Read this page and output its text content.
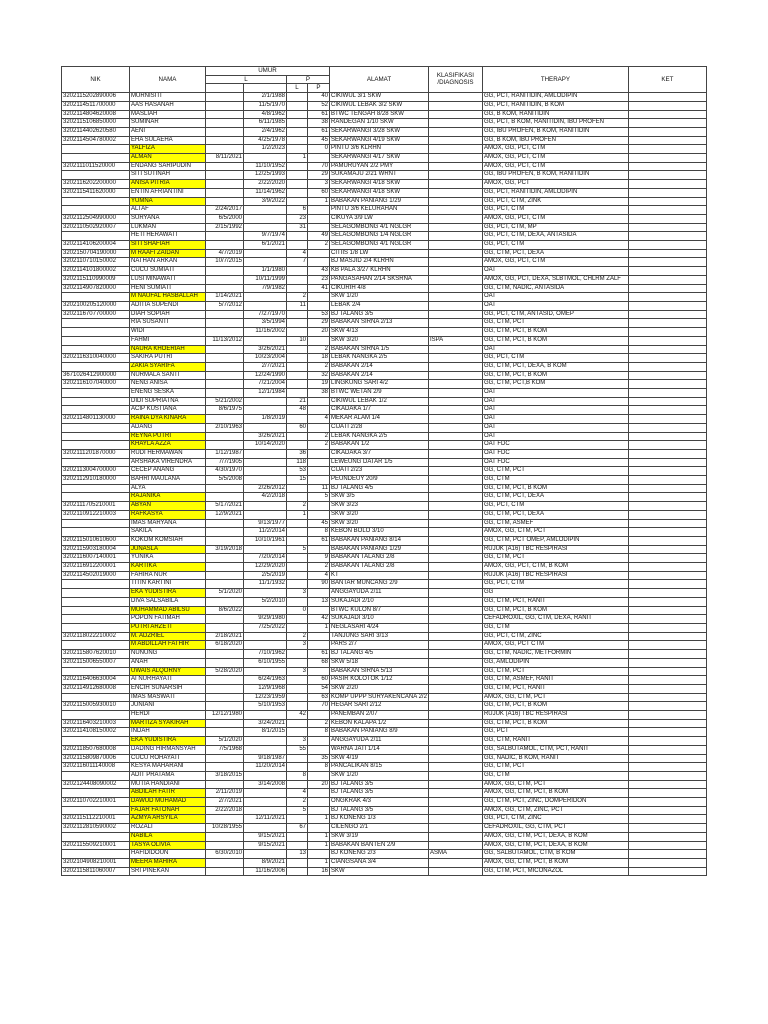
NIK	NAMA	UMUR				ALAMAT	KLASIFIKASI /DIAGNOSIS	THERAPY	KET
		L		P					
				L	P				
3202115202890006	MURNISITI		2/1/1988		40	CIKIWUL 3/1 SKW		GG, PCT, RANITIDIN, AMLODIPIN	
3202114511700000	AAS HASANAH		11/5/1970		52	CIKIWUL LEBAK 3/2 SKW		GG, PCT, RANITIDIN, B KOM	
3202114804620008	MASLIAH		4/8/1962		61	BTWC TENGAH 8/28 SKW		GG, B KOM, RANITIDIN	
3202115106850000	SUMINAR		6/11/1985		38	RANDEGAN 1/10 SKW		GG, PCT, B KOM, RANITIDIN, IBU PROFEN	
3202114402620580	AENI		2/4/1962		61	SEKARWANGI 3/28 SKW		GG, IBU PROFEN, B KOM, RANITIDIN	
3202114504780002	EHA SULAEHA		4/25/1978		45	SEKARWANGI 4/19 SKW		GG, B KOM, IBU PROFEN	
	YALFIZA		1/2/2023		0	PINTU 3/6 KLRHN		AMOX, GG, PCT, CTM	
	ALMAN	8/11/2021		1		SEKARWANGI 4/17 SKW		AMOX, GG, PCT, CTM	
3202111011520000	ENDANG SARIPUDIN		11/10/1952		70	PAMURUYAN 2/2 PMY		AMOX, GG, PCT, CTM	
	SITI SUTINAH		12/25/1993		29	SUKAMAJU 2/21 WRNT		GG, IBU PROFEN, B KOM, RANITIDIN	
3202116202200000	ANISA PITRIA		2/22/2020		3	SEKARWANGI 4/18 SKW		AMOX, GG, PCT	
3202115411620000	ENTIN AFRIANTINI		11/14/1962		60	SEKARWANGI 4/18 SKW		GG, PCT, RANITIDIN, AMLODIPIN	
	YUMNA		3/9/2022		1	BABAKAN PANIANG 1/29		GG, PCT, CTM, ZINK	
	ALTAF	2/24/2017		6		PINTU 3/6 KELURAHAN		GG, PCT, CTM	
3202112504990000	SURYANA	6/5/2000		23		CIKUYA 3/9 LW		AMOX, GG, PCT, CTM	
3202110502920007	LUKMAN	2/15/1992		31		SELAGOMBONG 4/1 NGLGR		GG, PCT, CTM, MP	
	HETI HERAWATI		9/7/1974		49	SELAGOMBONG 1/4 NGLGR		GG, PCT, CTM, DEXA, ANTASIDA	
3202114106200004	SITI SHAFIAH		6/1/2021		2	SELAGOMBONG 4/1 NGLGR		GG, PCT, CTM	
3202150704190000	M RAAFI ZAIDAN	4/7/2019		4		CITIIS 1/8 LW		GG, CTM, PCT, DEXA	
3202110710150002	NATHAN ARKAN	10/7/2015		7		BJ MASJID 2/4 KLRHN		AMOX, GG, PCT, CTM	
3202114101800002	CUCU SUMIATI		1/1/1980		43	KB PALA 3/27 KLRHN		OAT	
3202115110990009	LUSI MINAWATI		10/11/1999		23	PANGASAHAN 2/14 SKSRNA		AMOX, GG, PCT, DEXA, SLBTMOL, CHLRM ZALF	
3202114907820000	HENI SUMIATI		7/9/1982		41	CIKURIH 4/8		GG, CTM, NADIC, ANTASIDA	
	M NAUFAL HASBALLAH	1/14/2021		2		SKW 1/20		OAT	
3202100205120000	ADITIA SUPENDI	5/7/2012		11		LEBAK 2/4		OAT	
3202116707700000	DIAH SOPIAH		7/27/1970		53	BJ TALANG 3/5		GG, PCT, CTM, ANTASID, OMEP	
	RIA SUSANTI		3/5/1994		29	BABAKAN SIRNA 2/13		GG, CTM, PCT	
	WIDI		11/16/2002		20	SKW 4/13		GG, CTM, PCT, B KOM	
	FAHMI	11/13/2012		10		SKW 3/20	ISPA	GG, CTM, PCT, B KOM	
	NAURA KHOERIAH		3/26/2021		2	BABAKAN SIRNA 1/5		OAT	
3202116310040000	SAKIRA PUTRI		10/23/2004		18	LEBAK NANGKA 2/5		GG, PCT, CTM	
	ZAKIA SYARIFA		2/7/2021		2	BABAKAN 2/14		GG, CTM, PCT, DEXA, B KOM	
3671026412900000	NURMALA SANTI		12/24/1990		32	BABAKAN 2/14		GG, CTM, PCT, B KOM	
3202116107040000	NENG ANISA		7/21/2004		19	LINGKUNG SARI 4/2		GG, CTM, PCT,B KOM	
	ENENG SESKA		12/1/1984		38	BTWC WETAN 2/9		OAT	
	DIDI SUPRIATNA	5/21/2002		21		CIKIWUL LEBAK 1/2		OAT	
	ACIP KUSTIANA	8/6/1975		48		CIKADAKA 1/7		OAT	
3202114801130000	RAINA DYA KINARA		1/8/2019		4	MEKAR ALAM 1/4		OAT	
	ADANG	2/10/1963		60		CIJATI 2/28		OAT	
	REYNA PUTRI		3/26/2021		2	LEBAK NANGKA 2/5		OAT	
	KHAYLA AZZA		10/14/2020		2	BABAKAN 1/2		OAT FDC	
3202111201870000	RUDI HERMAWAN	1/12/1987		36		CIKADAKA 3/7		OAT FDC	
	ARSHAKA VIRENDRA	7/7/1905		118		LEWEUNG DATAR 1/5		OAT FDC	
3202113004700000	CECEP ANANG	4/30/1970		53		CIJATI 2/23		GG, CTM, PCT	
3202112910180000	BAHRI MAULANA	5/5/2008		15		PEUNDEUY 20/9		GG, CTM	
	ALYA		2/26/2012		11	BJ TALANG 4/5		GG, CTM, PCT, B KOM	
	RAJANIKA		4/2/2018		5	SKW 3/5		GG, CTM, PCT, DEXA	
3202111705210001	ABYAN	5/17/2021		2		SKW 3/23		GG, PCT, CTM	
3202110912210003	RAFKASYA	12/9/2021		1		SKW 3/20		GG, CTM, PCT, DEXA	
	IMAS MARYANA		9/13/1977		45	SKW 3/20		GG, CTM, ASMEF	
	SAKILA		11/2/2014		8	KEBON BOLO 3/10		AMOX, GG, CTM, PCT	
3202115010610600	KOKOM KOMSIAH		10/10/1961		61	BABAKAN PANIANG 8/14		GG, CTM, PCT OMEP, AMLODIPIN	
3202115903180004	JUNASLA	3/19/2018		5		BABAKAN PANIANG 1/29		RUJUK (A16) TBC RESPIRASI	
3202116007140001	YUNIKA		7/20/2014		9	BABAKAN TALANG 2/8		GG, CTM, PCT	
3202116912200001	KARTIKA		12/29/2020		2	BABAKAN TALANG 2/8		AMOX, GG, PCT, CTM, B KOM	
3202114502019000	FAHIRA NUR		2/5/2019		4	KT		RUJUK (A16) TBC RESPIRASI	
	TITIN KARTINI		11/1/1932		90	BANTAR MUNCANG 2/9		GG, PCT, CTM	
	EKA YUDISTIRA	5/1/2020		3		ANGGAYUDA 2/11		GG	
	DIVA SALSABILA		5/2/2010		13	SUKAJADI 2/10		GG, CTM, PCT, RANIT	
	MUHAMMAD ABILSU	8/6/2022		0		BTWC KULON 8/7		GG, CTM, PCT, B KOM	
	POPON FATIMAH		9/29/1980		42	SUKAJADI 3/10		CEFADROXIL, GG, CTM, DEXA, RANIT	
	PUTRI ARZETI		7/25/2022		1	NEGLASARI 4/24		GG, CTM	
3202118022210002	M. ADZRIEL	2/18/2021		2		TANJUNG SARI 3/13		GG, PCT, CTM, ZINC	
	M ABDILLAH FATHIR	6/18/2020		3		PARS 2/7		AMOX, GG, PCT CTM	
3202115807620010	NUNUNG		7/10/1962		61	BJ TALANG 4/5		GG, CTM, NADIC, METFORMIN	
3202115006550007	ANAH		6/10/1955		68	SKW 5/18		GG, AMLODIPIN	
	UWAIS ALQORNY	5/28/2020		3		BABAKAN SIRNA 5/13		GG, CTM, PCT	
3202116406630004	AI NURHAYATI		6/24/1963		60	PASIR KOLOTOK 1/12		GG, CTM, ASMEF, RANIT	
3202114912680008	ENCIH SUNARSIH		12/9/1968		54	SKW 2/20		GG, CTM, PCT, RANIT	
	IMAS MASWATI		12/23/1959		63	KOMP UPPP SURYAKENCANA 2/2		AMOX, GG, CTM, PCT	
3202115005930010	JUNIANI		5/10/1953		70	HEGAR SARI 2/12		GG, CTM, PCT, B KOM	
	HERDI	12/12/1980		42		PANEMBAN 2/07		RUJUK (A16) TBC RESPIRASI	
3202116403210003	MARTIZA SYAKIRAH		3/24/2021		2	KEBON KALAPA 1/2		GG, CTM, PCT, B KOM	
3202114108150002	INDAH		8/1/2015		8	BABAKAN PANIANG 8/9		GG, PCT	
	EKA YUDISTIRA	5/1/2020		3		ANGGAYUDA 2/11		GG, CTM, RANIT	
3202118507680008	DADING HIRMANSYAH	7/5/1968		55		WARNA JATI 1/14		GG, SALBUTAMOL, CTM, PCT, RANIT	
3202115809870006	CUCU ROHAYATI		9/18/1987		35	SKW 4/19		GG, NADIC, B KOM, RANIT	
3202116011140008	KESYA MAHARANI		11/20/2014		8	PANCALIKAN 8/15		GG, CTM, PCT	
	ADIT PRATAMA	3/18/2015		8		SKW 1/20		GG, CTM	
3202124408090002	MUTIA HANDIANI		3/14/2008		20	BJ TALANG 3/5		AMOX, GG, CTM, PCT	
	ABDILAH FATIR	2/11/2019		4		BJ TALANG 3/5		AMOX, GG, CTM, PCT, B KOM	
3202110702210001	DAWUD MUHAMAD	2/7/2021		2		ONGKRAK 4/3		GG, CTM, PCT, ZINC, DOMPERIDON	
	FAJAR FATONAH	2/22/2018		5		BJ TALANG 3/5		AMOX, GG, CTM, ZINC, PCT	
3202115112210001	AZMYA ARSYILA		12/11/2021		1	BJ KONENG 1/3		GG, PCT, CTM, ZINC	
3202112810590002	ROZALI	10/28/1955		67		CILENGO 2/1		CEFADROXIL, GG, CTM, PCT	
	NABILA		9/15/2021		1	SKW 3/19		AMOX, GG, CTM, PCT, DEXA, B KOM	
3202115509210001	TASYA OLIVIA		9/15/2021		1	BABAKAN BANTEN 2/9		AMOX, GG, CTM, PCT, DEXA, B KOM	
	HAFIDIDOUN	6/30/2010		13		BJ KONENG 2/3	ASMA	GG, SALBUTAMOL, CTM, B KOM	
3202104908210001	MEERA MAHIRA		8/9/2021		1	CIANGSANA 3/4		AMOX, GG, CTM, PCT, B KOM	
3202115811060007	SRI PINEKAN		11/16/2006		16	SKW		GG, CTM, PCT, MICONAZOL	
